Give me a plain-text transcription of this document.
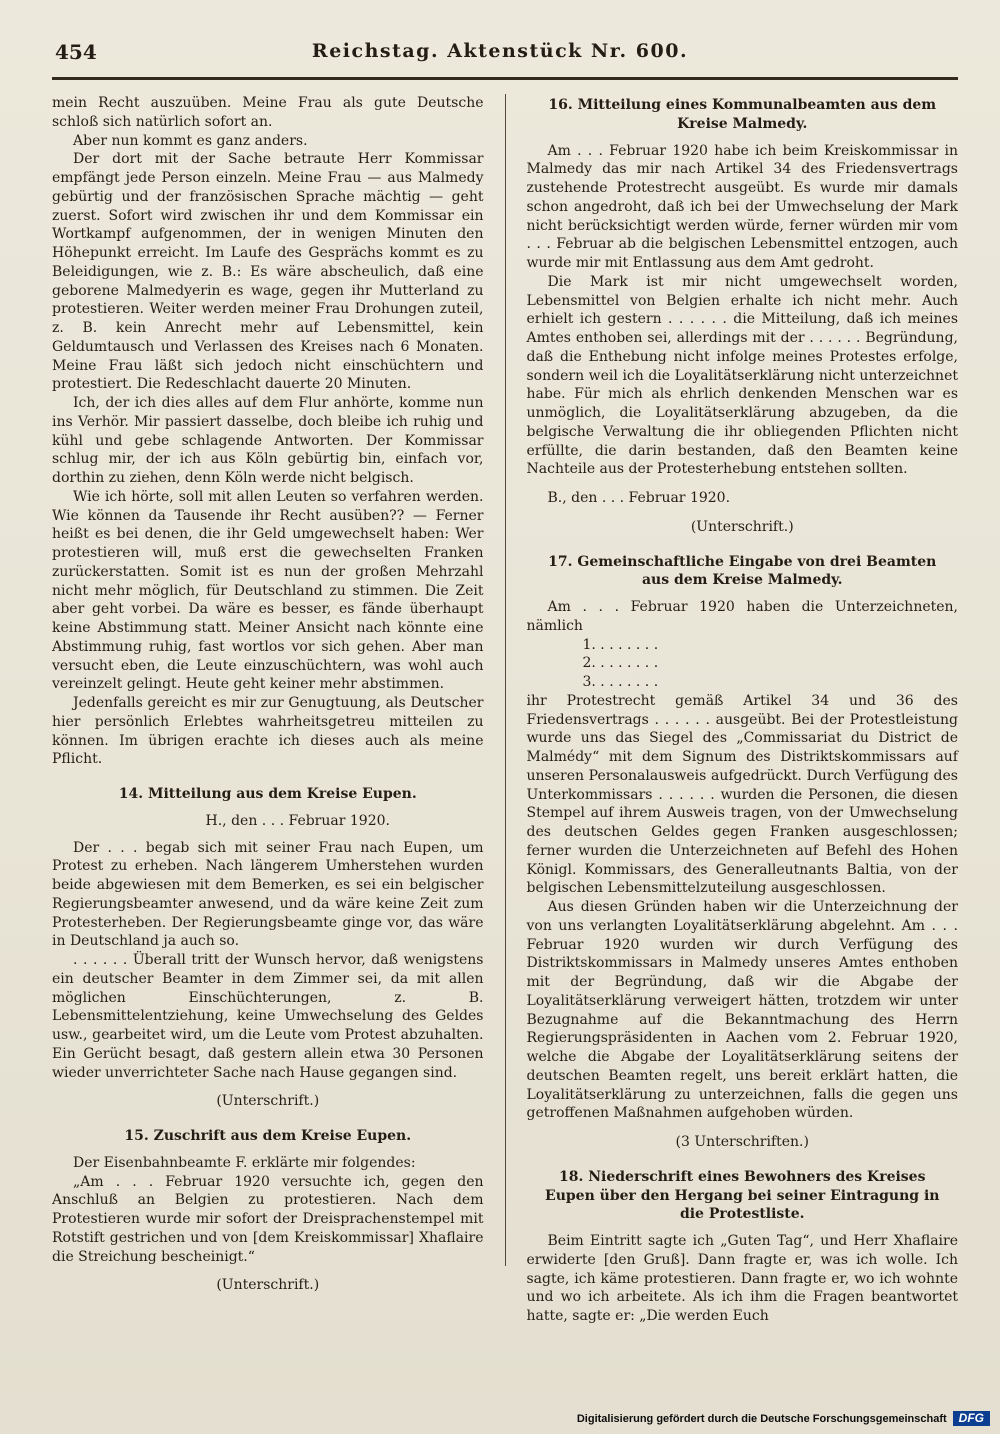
454	Reichstag. Aktenstück Nr. 600.

mein Recht auszuüben. Meine Frau als gute Deutsche schloß sich natürlich sofort an.

Aber nun kommt es ganz anders.

Der dort mit der Sache betraute Herr Kommissar empfängt jede Person einzeln. Meine Frau — aus Malmedy gebürtig und der französischen Sprache mächtig — geht zuerst. Sofort wird zwischen ihr und dem Kommissar ein Wortkampf aufgenommen, der in wenigen Minuten den Höhepunkt erreicht. Im Laufe des Gesprächs kommt es zu Beleidigungen, wie z. B.: Es wäre abscheulich, daß eine geborene Malmedyerin es wage, gegen ihr Mutterland zu protestieren. Weiter werden meiner Frau Drohungen zuteil, z. B. kein Anrecht mehr auf Lebensmittel, kein Geldumtausch und Verlassen des Kreises nach 6 Monaten. Meine Frau läßt sich jedoch nicht einschüchtern und protestiert. Die Redeschlacht dauerte 20 Minuten.

Ich, der ich dies alles auf dem Flur anhörte, komme nun ins Verhör. Mir passiert dasselbe, doch bleibe ich ruhig und kühl und gebe schlagende Antworten. Der Kommissar schlug mir, der ich aus Köln gebürtig bin, einfach vor, dorthin zu ziehen, denn Köln werde nicht belgisch.

Wie ich hörte, soll mit allen Leuten so verfahren werden. Wie können da Tausende ihr Recht ausüben?? — Ferner heißt es bei denen, die ihr Geld umgewechselt haben: Wer protestieren will, muß erst die gewechselten Franken zurückerstatten. Somit ist es nun der großen Mehrzahl nicht mehr möglich, für Deutschland zu stimmen. Die Zeit aber geht vorbei. Da wäre es besser, es fände überhaupt keine Abstimmung statt. Meiner Ansicht nach könnte eine Abstimmung ruhig, fast wortlos vor sich gehen. Aber man versucht eben, die Leute einzuschüchtern, was wohl auch vereinzelt gelingt. Heute geht keiner mehr abstimmen.

Jedenfalls gereicht es mir zur Genugtuung, als Deutscher hier persönlich Erlebtes wahrheitsgetreu mitteilen zu können. Im übrigen erachte ich dieses auch als meine Pflicht.

14. Mitteilung aus dem Kreise Eupen.

H., den . . . Februar 1920.

Der . . . begab sich mit seiner Frau nach Eupen, um Protest zu erheben. Nach längerem Umherstehen wurden beide abgewiesen mit dem Bemerken, es sei ein belgischer Regierungsbeamter anwesend, und da wäre keine Zeit zum Protesterheben. Der Regierungsbeamte ginge vor, das wäre in Deutschland ja auch so.

. . . . . . Überall tritt der Wunsch hervor, daß wenigstens ein deutscher Beamter in dem Zimmer sei, da mit allen möglichen Einschüchterungen, z. B. Lebensmittelentziehung, keine Umwechselung des Geldes usw., gearbeitet wird, um die Leute vom Protest abzuhalten. Ein Gerücht besagt, daß gestern allein etwa 30 Personen wieder unverrichteter Sache nach Hause gegangen sind.

(Unterschrift.)

15. Zuschrift aus dem Kreise Eupen.

Der Eisenbahnbeamte F. erklärte mir folgendes:

„Am . . . Februar 1920 versuchte ich, gegen den Anschluß an Belgien zu protestieren. Nach dem Protestieren wurde mir sofort der Dreisprachenstempel mit Rotstift gestrichen und von [dem Kreiskommissar] Xhaflaire die Streichung bescheinigt.“

(Unterschrift.)

16. Mitteilung eines Kommunalbeamten aus dem Kreise Malmedy.

Am . . . Februar 1920 habe ich beim Kreiskommissar in Malmedy das mir nach Artikel 34 des Friedensvertrags zustehende Protestrecht ausgeübt. Es wurde mir damals schon angedroht, daß ich bei der Umwechselung der Mark nicht berücksichtigt werden würde, ferner würden mir vom . . . Februar ab die belgischen Lebensmittel entzogen, auch wurde mir mit Entlassung aus dem Amt gedroht.

Die Mark ist mir nicht umgewechselt worden, Lebensmittel von Belgien erhalte ich nicht mehr. Auch erhielt ich gestern . . . . . . die Mitteilung, daß ich meines Amtes enthoben sei, allerdings mit der . . . . . . Begründung, daß die Enthebung nicht infolge meines Protestes erfolge, sondern weil ich die Loyalitätserklärung nicht unterzeichnet habe. Für mich als ehrlich denkenden Menschen war es unmöglich, die Loyalitätserklärung abzugeben, da die belgische Verwaltung die ihr obliegenden Pflichten nicht erfüllte, die darin bestanden, daß den Beamten keine Nachteile aus der Protesterhebung entstehen sollten.

B., den . . . Februar 1920.

(Unterschrift.)

17. Gemeinschaftliche Eingabe von drei Beamten aus dem Kreise Malmedy.

Am . . . Februar 1920 haben die Unterzeichneten, nämlich

1. . . . . . . .

2. . . . . . . .

3. . . . . . . .

ihr Protestrecht gemäß Artikel 34 und 36 des Friedensvertrags . . . . . . ausgeübt. Bei der Protestleistung wurde uns das Siegel des „Commissariat du District de Malmédy“ mit dem Signum des Distriktskommissars auf unseren Personalausweis aufgedrückt. Durch Verfügung des Unterkommissars . . . . . . wurden die Personen, die diesen Stempel auf ihrem Ausweis tragen, von der Umwechselung des deutschen Geldes gegen Franken ausgeschlossen; ferner wurden die Unterzeichneten auf Befehl des Hohen Königl. Kommissars, des Generalleutnants Baltia, von der belgischen Lebensmittelzuteilung ausgeschlossen.

Aus diesen Gründen haben wir die Unterzeichnung der von uns verlangten Loyalitätserklärung abgelehnt. Am . . . Februar 1920 wurden wir durch Verfügung des Distriktskommissars in Malmedy unseres Amtes enthoben mit der Begründung, daß wir die Abgabe der Loyalitätserklärung verweigert hätten, trotzdem wir unter Bezugnahme auf die Bekanntmachung des Herrn Regierungspräsidenten in Aachen vom 2. Februar 1920, welche die Abgabe der Loyalitätserklärung seitens der deutschen Beamten regelt, uns bereit erklärt hatten, die Loyalitätserklärung zu unterzeichnen, falls die gegen uns getroffenen Maßnahmen aufgehoben würden.

(3 Unterschriften.)

18. Niederschrift eines Bewohners des Kreises Eupen über den Hergang bei seiner Eintragung in die Protestliste.

Beim Eintritt sagte ich „Guten Tag“, und Herr Xhaflaire erwiderte [den Gruß]. Dann fragte er, was ich wolle. Ich sagte, ich käme protestieren. Dann fragte er, wo ich wohnte und wo ich arbeitete. Als ich ihm die Fragen beantwortet hatte, sagte er: „Die werden Euch

Digitalisierung gefördert durch die Deutsche Forschungsgemeinschaft	DFG
